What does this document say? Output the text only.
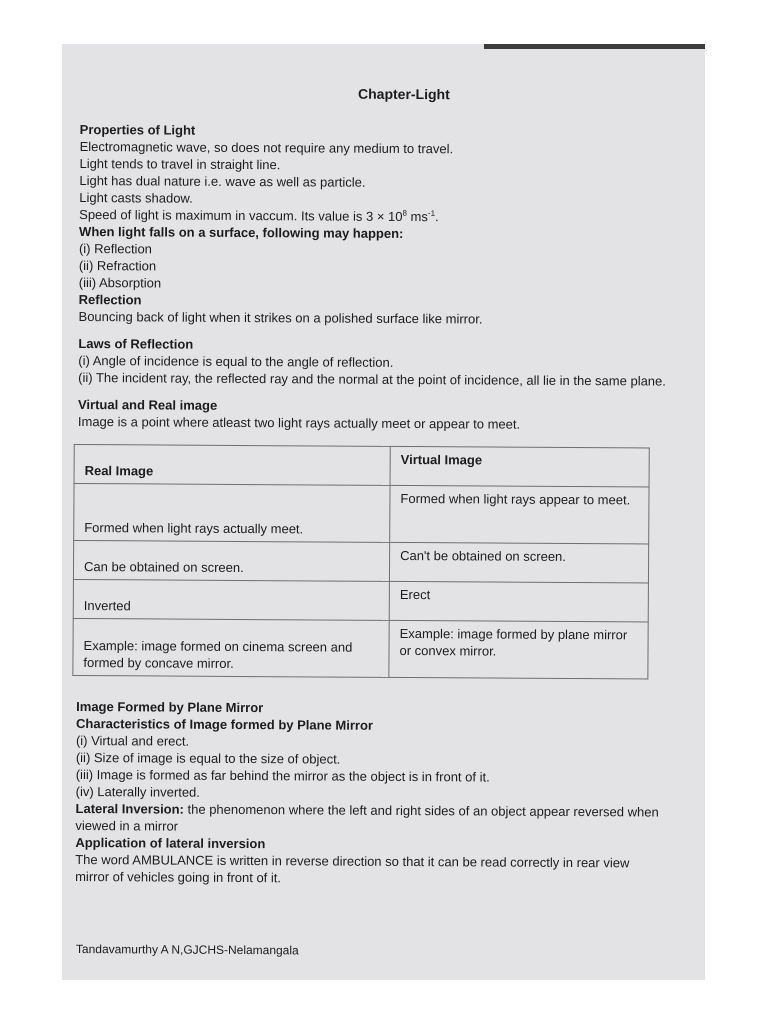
Chapter-Light
Properties of Light
Electromagnetic wave, so does not require any medium to travel.
Light tends to travel in straight line.
Light has dual nature i.e. wave as well as particle.
Light casts shadow.
Speed of light is maximum in vaccum. Its value is $3 \times 10^8$ $ms^{-1}$.
When light falls on a surface, following may happen:
(i) Reflection
(ii) Refraction
(iii) Absorption
Reflection
Bouncing back of light when it strikes on a polished surface like mirror.
Laws of Reflection
(i) Angle of incidence is equal to the angle of reflection.
(ii) The incident ray, the reflected ray and the normal at the point of incidence, all lie in the same plane.
Virtual and Real image
Image is a point where atleast two light rays actually meet or appear to meet.
Real Image	Virtual Image
Formed when light rays actually meet.	Formed when light rays appear to meet.
Can be obtained on screen.	Can't be obtained on screen.
Inverted	Erect
Example: image formed on cinema screen and formed by concave mirror.	Example: image formed by plane mirror or convex mirror.
Image Formed by Plane Mirror
Characteristics of Image formed by Plane Mirror
(i) Virtual and erect.
(ii) Size of image is equal to the size of object.
(iii) Image is formed as far behind the mirror as the object is in front of it.
(iv) Laterally inverted.
Lateral Inversion: the phenomenon where the left and right sides of an object appear reversed when viewed in a mirror
Application of lateral inversion
The word AMBULANCE is written in reverse direction so that it can be read correctly in rear view mirror of vehicles going in front of it.
Tandavamurthy A N,GJCHS-Nelamangala
